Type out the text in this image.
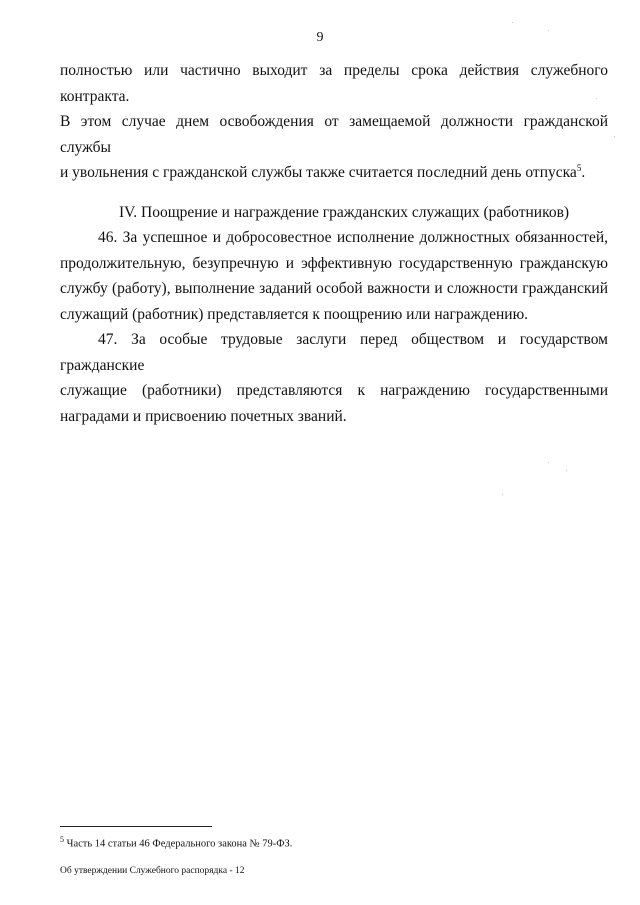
9

полностью или частично выходит за пределы срока действия служебного контракта.

В этом случае днем освобождения от замещаемой должности гражданской службы

и увольнения с гражданской службы также считается последний день отпуска$^5$.

IV. Поощрение и награждение гражданских служащих (работников)

46. За успешное и добросовестное исполнение должностных обязанностей,

продолжительную, безупречную и эффективную государственную гражданскую

службу (работу), выполнение заданий особой важности и сложности гражданский

служащий (работник) представляется к поощрению или награждению.

47. За особые трудовые заслуги перед обществом и государством гражданские

служащие (работники) представляются к награждению государственными

наградами и присвоению почетных званий.

$^5$ Часть 14 статьи 46 Федерального закона № 79-ФЗ.
Об утверждении Служебного распорядка - 12
